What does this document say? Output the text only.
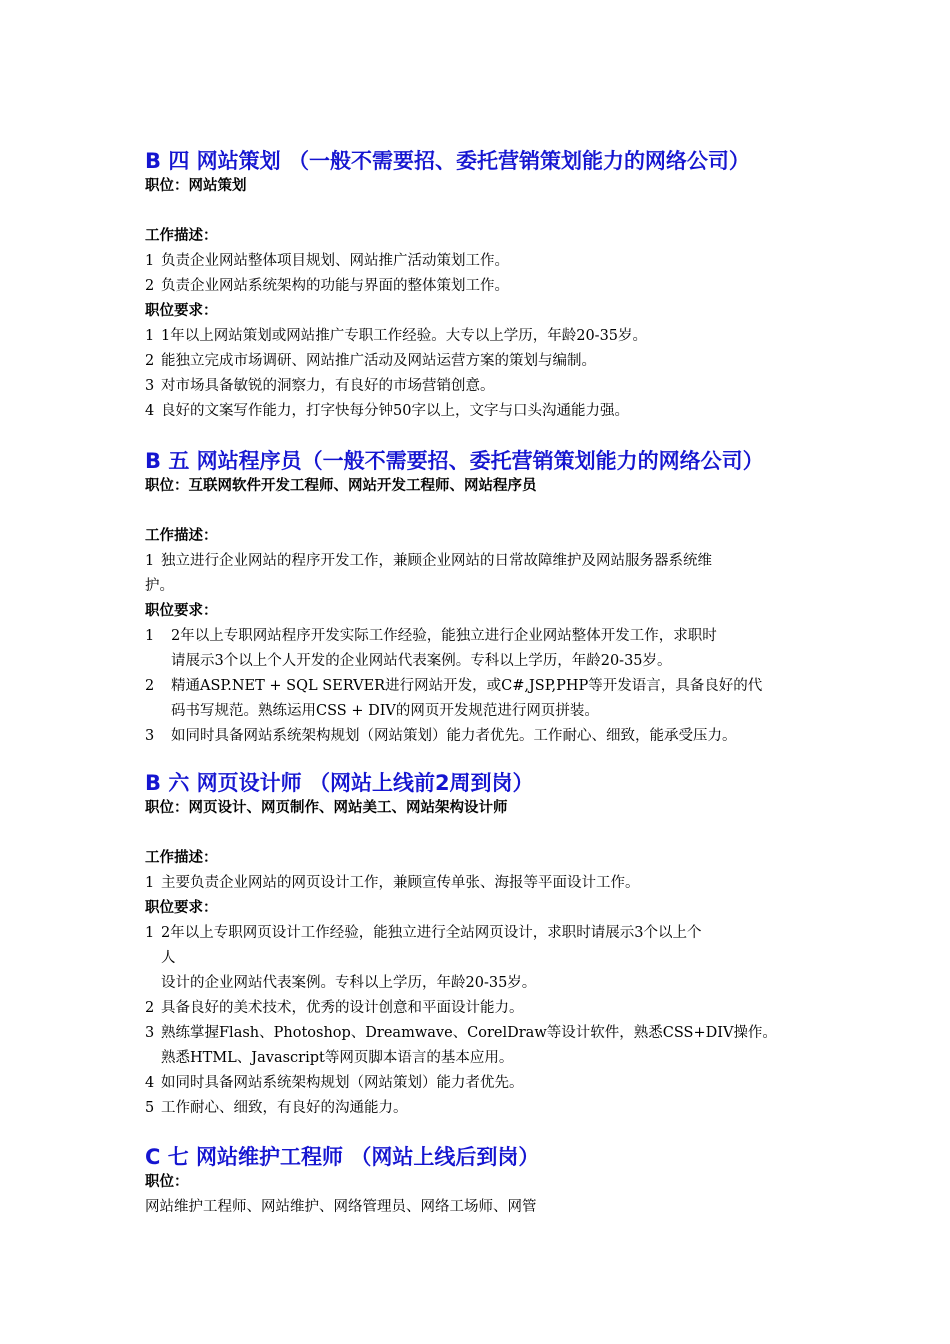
B 四 网站策划 （一般不需要招、委托营销策划能力的网络公司）
职位：网站策划
工作描述：
1 负责企业网站整体项目规划、网站推广活动策划工作。
2 负责企业网站系统架构的功能与界面的整体策划工作。
职位要求：
1 1年以上网站策划或网站推广专职工作经验。大专以上学历，年龄20-35岁。
2 能独立完成市场调研、网站推广活动及网站运营方案的策划与编制。
3 对市场具备敏锐的洞察力，有良好的市场营销创意。
4 良好的文案写作能力，打字快每分钟50字以上，文字与口头沟通能力强。
B 五 网站程序员（一般不需要招、委托营销策划能力的网络公司）
职位：互联网软件开发工程师、网站开发工程师、网站程序员
工作描述：
1 独立进行企业网站的程序开发工作，兼顾企业网站的日常故障维护及网站服务器系统维
护。
职位要求：
1 2年以上专职网站程序开发实际工作经验，能独立进行企业网站整体开发工作，求职时
请展示3个以上个人开发的企业网站代表案例。专科以上学历，年龄20-35岁。
2 精通ASP.NET + SQL SERVER进行网站开发，或C#,JSP,PHP等开发语言，具备良好的代
码书写规范。熟练运用CSS + DIV的网页开发规范进行网页拼装。
3 如同时具备网站系统架构规划（网站策划）能力者优先。工作耐心、细致，能承受压力。
B 六 网页设计师 （网站上线前2周到岗）
职位：网页设计、网页制作、网站美工、网站架构设计师
工作描述：
1 主要负责企业网站的网页设计工作，兼顾宣传单张、海报等平面设计工作。
职位要求：
1 2年以上专职网页设计工作经验，能独立进行全站网页设计，求职时请展示3个以上个
人
设计的企业网站代表案例。专科以上学历，年龄20-35岁。
2 具备良好的美术技术，优秀的设计创意和平面设计能力。
3 熟练掌握Flash、Photoshop、Dreamwave、CorelDraw等设计软件，熟悉CSS+DIV操作。
熟悉HTML、Javascript等网页脚本语言的基本应用。
4 如同时具备网站系统架构规划（网站策划）能力者优先。
5 工作耐心、细致，有良好的沟通能力。
C 七 网站维护工程师 （网站上线后到岗）
职位：
网站维护工程师、网站维护、网络管理员、网络工场师、网管
